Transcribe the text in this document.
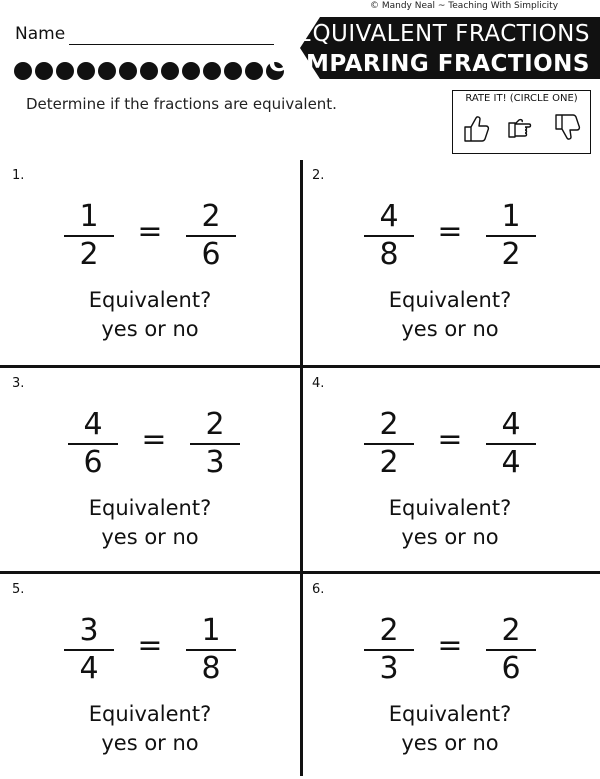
© Mandy Neal ~ Teaching With Simplicity
Name	EQUIVALENT FRACTIONS
COMPARING FRACTIONS
Determine if the fractions are equivalent.	RATE IT! (CIRCLE ONE)
1.
1
2
=	2
6
Equivalent?
yes or no
2.
4
8
=	1
2
Equivalent?
yes or no
3.
4
6
=	2
3
Equivalent?
yes or no
4.
2
2
=	4
4
Equivalent?
yes or no
5.
3
4
=	1
8
Equivalent?
yes or no
6.
2
3
=	2
6
Equivalent?
yes or no
